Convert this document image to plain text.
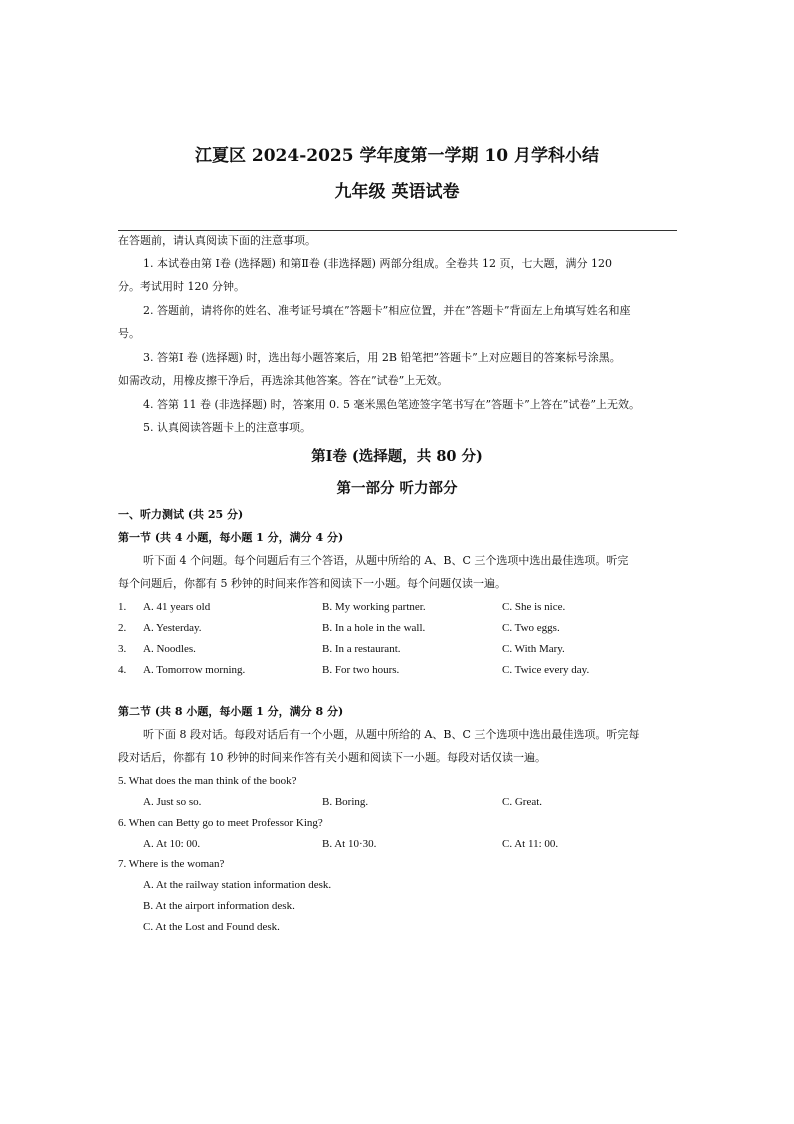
江夏区 2024-2025 学年度第一学期 10 月学科小结
九年级 英语试卷
在答题前，请认真阅读下面的注意事项。
1. 本试卷由第 Ⅰ卷 (选择题) 和第Ⅱ卷 (非选择题) 两部分组成。全卷共 12 页，七大题，满分 120
分。考试用时 120 分钟。
2. 答题前，请将你的姓名、准考证号填在”答题卡”相应位置，并在”答题卡”背面左上角填写姓名和座
号。
3. 答第Ⅰ 卷 (选择题) 时，选出每小题答案后，用 2B 铅笔把”答题卡”上对应题目的答案标号涂黑。
如需改动，用橡皮擦干净后，再选涂其他答案。答在”试卷”上无效。
4. 答第 11 卷 (非选择题) 时，答案用 0. 5 毫米黑色笔迹签字笔书写在”答题卡”上答在”试卷”上无效。
5. 认真阅读答题卡上的注意事项。
第Ⅰ卷 (选择题，共 80 分)
第一部分 听力部分
一、听力测试 (共 25 分)
第一节 (共 4 小题，每小题 1 分，满分 4 分)
听下面 4 个问题。每个问题后有三个答语，从题中所给的 A、B、C 三个选项中选出最佳选项。听完
每个问题后，你都有 5 秒钟的时间来作答和阅读下一小题。每个问题仅读一遍。
1. A. 41 years old	B. My working partner.	C. She is nice.
2. A. Yesterday.	B. In a hole in the wall.	C. Two eggs.
3. A. Noodles.	B. In a restaurant.	C. With Mary.
4. A. Tomorrow morning.	B. For two hours.	C. Twice every day.
第二节 (共 8 小题，每小题 1 分，满分 8 分)
听下面 8 段对话。每段对话后有一个小题，从题中所给的 A、B、C 三个选项中选出最佳选项。听完每
段对话后，你都有 10 秒钟的时间来作答有关小题和阅读下一小题。每段对话仅读一遍。
5. What does the man think of the book?
A. Just so so.	B. Boring.	C. Great.
6. When can Betty go to meet Professor King?
A. At 10: 00.	B. At 10·30.	C. At 11: 00.
7. Where is the woman?
A. At the railway station information desk.
B. At the airport information desk.
C. At the Lost and Found desk.
